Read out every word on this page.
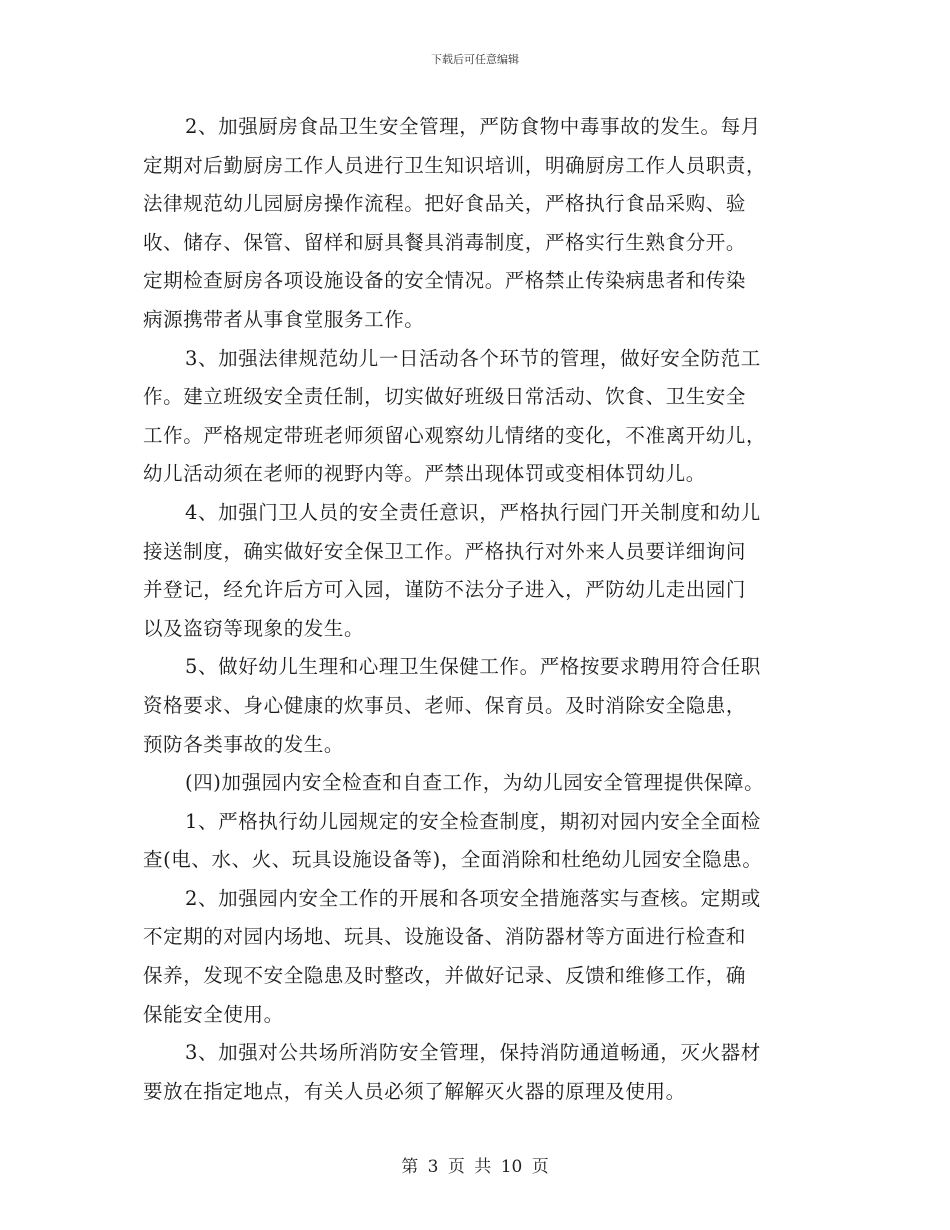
下载后可任意编辑

2、加强厨房食品卫生安全管理，严防食物中毒事故的发生。每月
定期对后勤厨房工作人员进行卫生知识培训，明确厨房工作人员职责，
法律规范幼儿园厨房操作流程。把好食品关，严格执行食品采购、验
收、储存、保管、留样和厨具餐具消毒制度，严格实行生熟食分开。
定期检查厨房各项设施设备的安全情况。严格禁止传染病患者和传染
病源携带者从事食堂服务工作。

3、加强法律规范幼儿一日活动各个环节的管理，做好安全防范工
作。建立班级安全责任制，切实做好班级日常活动、饮食、卫生安全
工作。严格规定带班老师须留心观察幼儿情绪的变化，不准离开幼儿，
幼儿活动须在老师的视野内等。严禁出现体罚或变相体罚幼儿。

4、加强门卫人员的安全责任意识，严格执行园门开关制度和幼儿
接送制度，确实做好安全保卫工作。严格执行对外来人员要详细询问
并登记，经允许后方可入园，谨防不法分子进入，严防幼儿走出园门
以及盗窃等现象的发生。

5、做好幼儿生理和心理卫生保健工作。严格按要求聘用符合任职
资格要求、身心健康的炊事员、老师、保育员。及时消除安全隐患，
预防各类事故的发生。

(四)加强园内安全检查和自查工作，为幼儿园安全管理提供保障。

1、严格执行幼儿园规定的安全检查制度，期初对园内安全全面检
查(电、水、火、玩具设施设备等)，全面消除和杜绝幼儿园安全隐患。

2、加强园内安全工作的开展和各项安全措施落实与查核。定期或
不定期的对园内场地、玩具、设施设备、消防器材等方面进行检查和
保养，发现不安全隐患及时整改，并做好记录、反馈和维修工作，确
保能安全使用。

3、加强对公共场所消防安全管理，保持消防通道畅通，灭火器材
要放在指定地点，有关人员必须了解解灭火器的原理及使用。

第 3 页 共 10 页
